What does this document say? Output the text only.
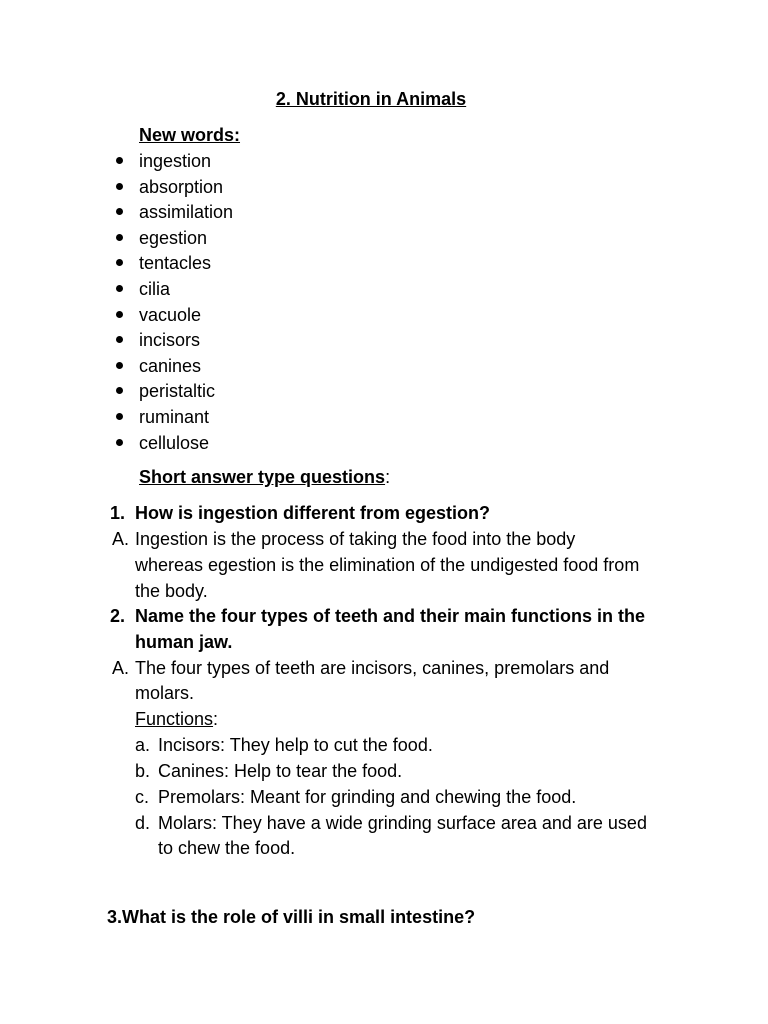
2. Nutrition in Animals
New words:
ingestion
absorption
assimilation
egestion
tentacles
cilia
vacuole
incisors
canines
peristaltic
ruminant
cellulose
Short answer type questions:
1. How is ingestion different from egestion?
A. Ingestion is the process of taking the food into the body
whereas egestion is the elimination of the undigested food from
the body.
2. Name the four types of teeth and their main functions in the
human jaw.
A. The four types of teeth are incisors, canines, premolars and
molars.
Functions:
a. Incisors: They help to cut the food.
b. Canines: Help to tear the food.
c. Premolars: Meant for grinding and chewing the food.
d. Molars: They have a wide grinding surface area and are used
to chew the food.
3.What is the role of villi in small intestine?
